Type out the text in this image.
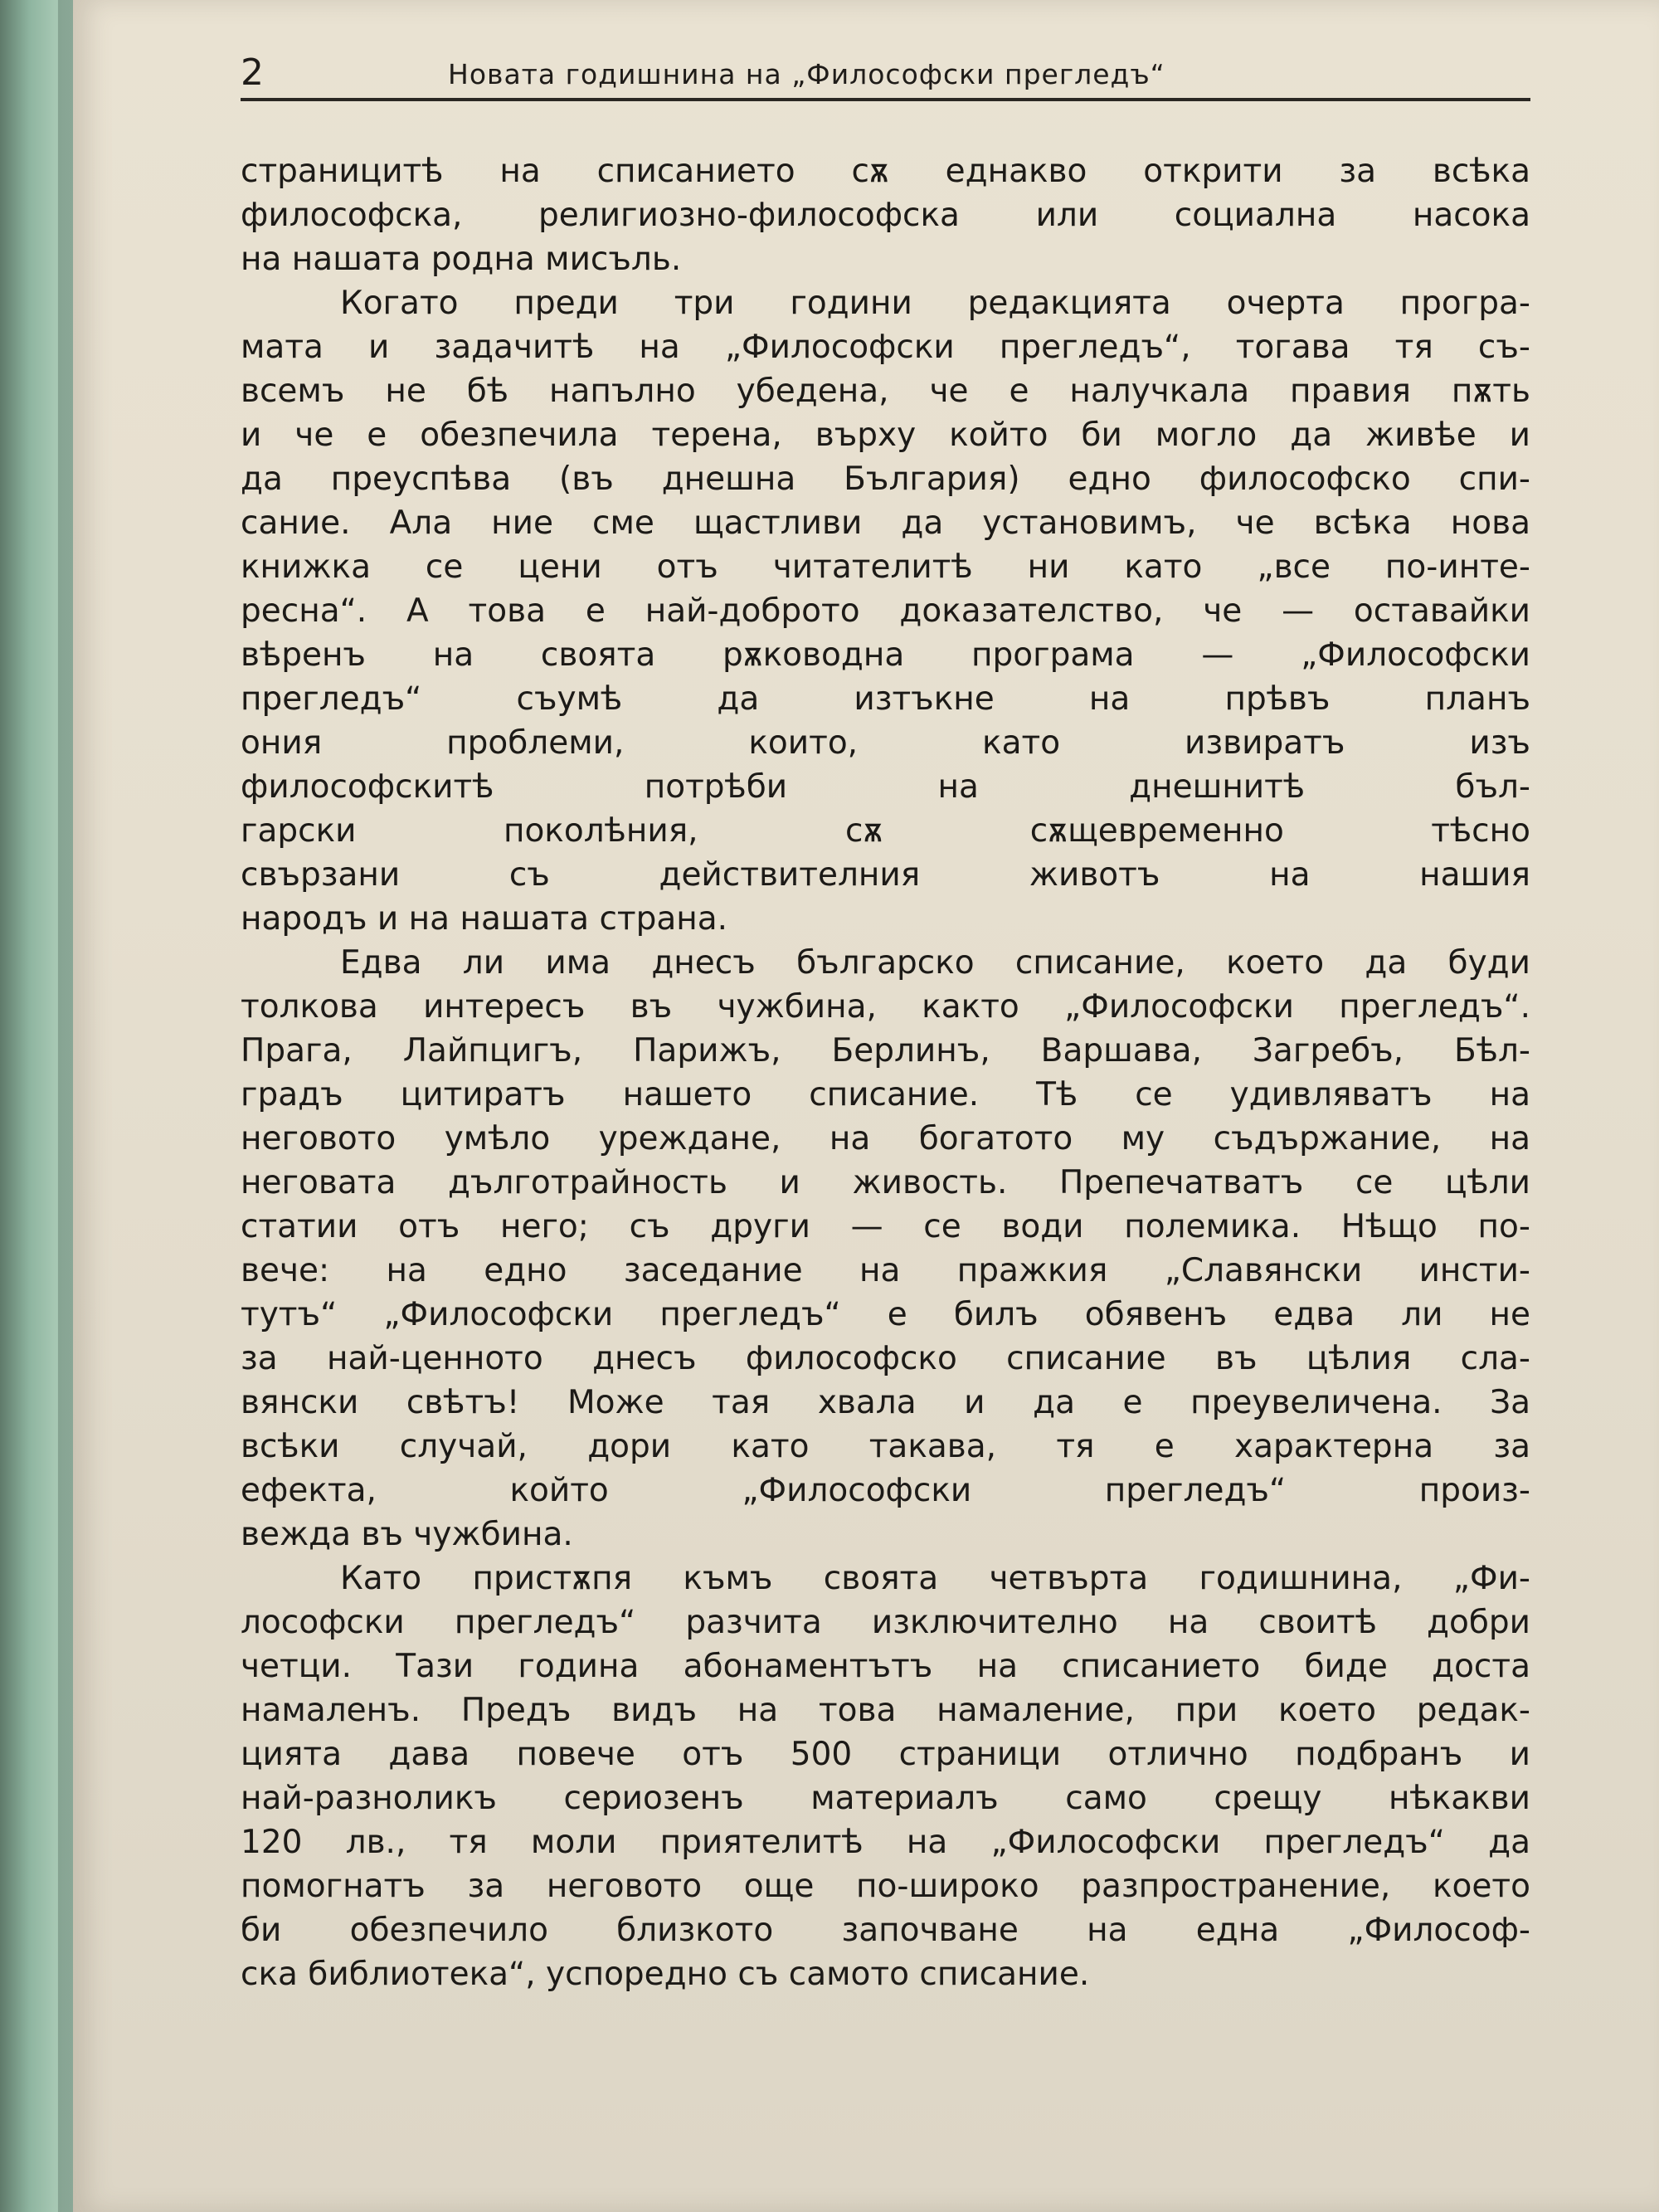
2	Новата годишнина на „Философски прегледъ“
страницитѣ на списанието сѫ еднакво открити за всѣка
философска, религиозно-философска или социална насока
на нашата родна мисъль.
Когато преди три години редакцията очерта програ-
мата и задачитѣ на „Философски прегледъ“, тогава тя съ-
всемъ не бѣ напълно убедена, че е налучкала правия пѫть
и че е обезпечила терена, върху който би могло да живѣе и
да преуспѣва (въ днешна България) едно философско спи-
сание. Ала ние сме щастливи да установимъ, че всѣка нова
книжка се цени отъ читателитѣ ни като „все по-инте-
ресна“. А това е най-доброто доказателство, че — оставайки
вѣренъ на своята рѫководна програма — „Философски
прегледъ“ съумѣ да изтъкне на прѣвъ планъ
ония проблеми, които, като извиратъ изъ
философскитѣ потрѣби на днешнитѣ бъл-
гарски поколѣния, сѫ сѫщевременно тѣсно
свързани съ действителния животъ на нашия
народъ и на нашата страна.
Едва ли има днесъ българско списание, което да буди
толкова интересъ въ чужбина, както „Философски прегледъ“.
Прага, Лайпцигъ, Парижъ, Берлинъ, Варшава, Загребъ, Бѣл-
градъ цитиратъ нашето списание. Тѣ се удивляватъ на
неговото умѣло уреждане, на богатото му съдържание, на
неговата дълготрайность и живость. Препечатватъ се цѣли
статии отъ него; съ други — се води полемика. Нѣщо по-
вече: на едно заседание на пражкия „Славянски инсти-
тутъ“ „Философски прегледъ“ е билъ обявенъ едва ли не
за най-ценното днесъ философско списание въ цѣлия сла-
вянски свѣтъ! Може тая хвала и да е преувеличена. За
всѣки случай, дори като такава, тя е характерна за
ефекта, който „Философски прегледъ“ произ-
вежда въ чужбина.
Като пристѫпя къмъ своята четвърта годишнина, „Фи-
лософски прегледъ“ разчита изключително на своитѣ добри
четци. Тази година абонаментътъ на списанието биде доста
намаленъ. Предъ видъ на това намаление, при което редак-
цията дава повече отъ 500 страници отлично подбранъ и
най-разноликъ сериозенъ материалъ само срещу нѣкакви
120 лв., тя моли приятелитѣ на „Философски прегледъ“ да
помогнатъ за неговото още по-широко разпространение, което
би обезпечило близкото започване на една „Философ-
ска библиотека“, успоредно съ самото списание.
